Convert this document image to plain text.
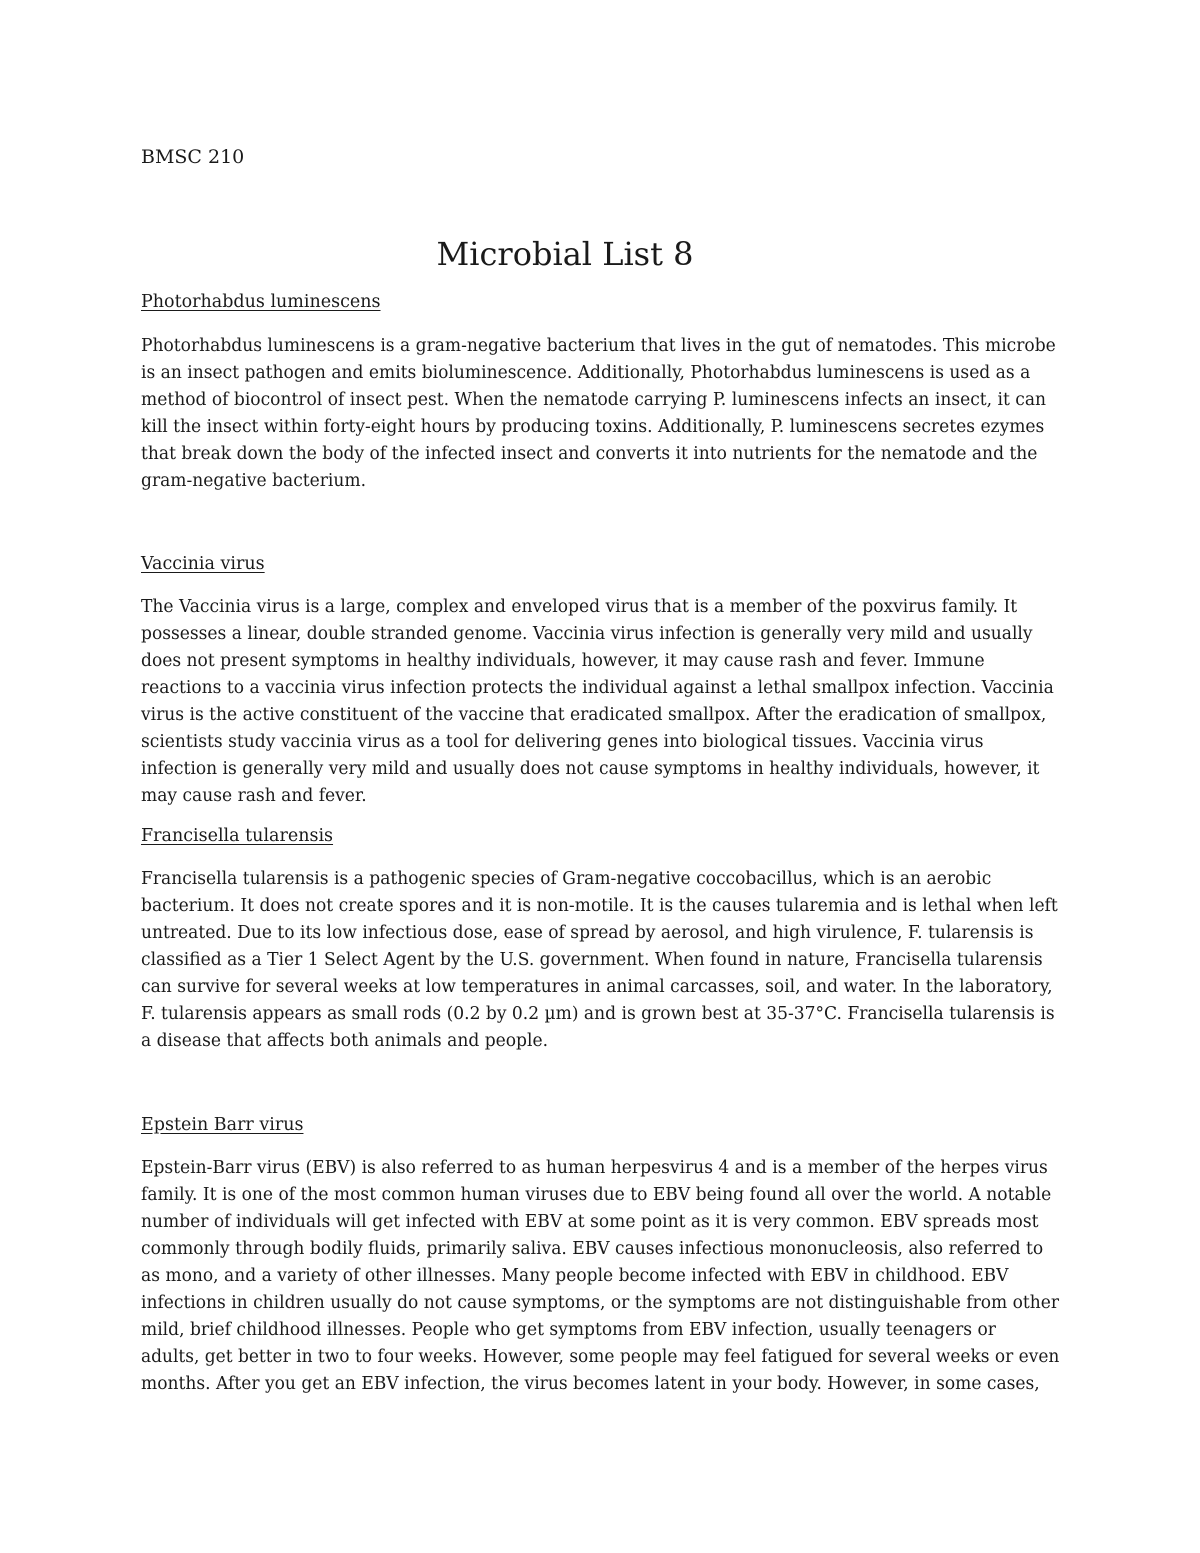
BMSC 210
Microbial List 8
Photorhabdus luminescens
Photorhabdus luminescens is a gram-negative bacterium that lives in the gut of nematodes. This microbe is an insect pathogen and emits bioluminescence. Additionally, Photorhabdus luminescens is used as a method of biocontrol of insect pest. When the nematode carrying P. luminescens infects an insect, it can kill the insect within forty-eight hours by producing toxins. Additionally, P. luminescens secretes ezymes that break down the body of the infected insect and converts it into nutrients for the nematode and the gram-negative bacterium.
Vaccinia virus
The Vaccinia virus is a large, complex and enveloped virus that is a member of the poxvirus family. It possesses a linear, double stranded genome. Vaccinia virus infection is generally very mild and usually does not present symptoms in healthy individuals, however, it may cause rash and fever. Immune reactions to a vaccinia virus infection protects the individual against a lethal smallpox infection. Vaccinia virus is the active constituent of the vaccine that eradicated smallpox. After the eradication of smallpox, scientists study vaccinia virus as a tool for delivering genes into biological tissues. Vaccinia virus infection is generally very mild and usually does not cause symptoms in healthy individuals, however, it may cause rash and fever.
Francisella tularensis
Francisella tularensis is a pathogenic species of Gram-negative coccobacillus, which is an aerobic bacterium. It does not create spores and it is non-motile. It is the causes tularemia and is lethal when left untreated. Due to its low infectious dose, ease of spread by aerosol, and high virulence, F. tularensis is classified as a Tier 1 Select Agent by the U.S. government. When found in nature, Francisella tularensis can survive for several weeks at low temperatures in animal carcasses, soil, and water. In the laboratory, F. tularensis appears as small rods (0.2 by 0.2 µm) and is grown best at 35-37°C. Francisella tularensis is a disease that affects both animals and people.
Epstein Barr virus
Epstein-Barr virus (EBV) is also referred to as human herpesvirus 4 and is a member of the herpes virus family. It is one of the most common human viruses due to EBV being found all over the world. A notable number of individuals will get infected with EBV at some point as it is very common. EBV spreads most commonly through bodily fluids, primarily saliva. EBV causes infectious mononucleosis, also referred to as mono, and a variety of other illnesses. Many people become infected with EBV in childhood. EBV infections in children usually do not cause symptoms, or the symptoms are not distinguishable from other mild, brief childhood illnesses. People who get symptoms from EBV infection, usually teenagers or adults, get better in two to four weeks. However, some people may feel fatigued for several weeks or even months. After you get an EBV infection, the virus becomes latent in your body. However, in some cases,
